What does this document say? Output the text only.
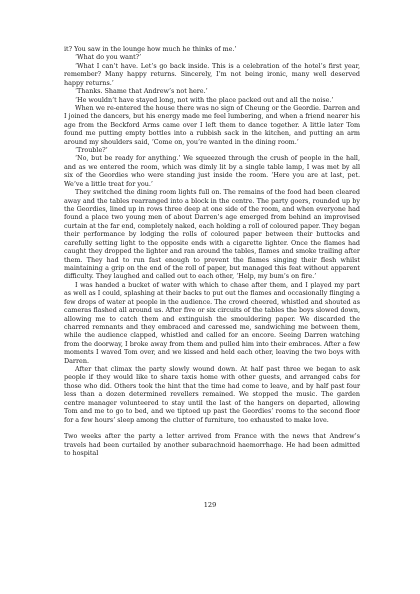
it? You saw in the lounge how much he thinks of me.’

‘What do you want?’

‘What I can’t have. Let’s go back inside. This is a celebration of the hotel’s first year, remember? Many happy returns. Sincerely, I’m not being ironic, many well deserved happy returns.’

‘Thanks. Shame that Andrew’s not here.’

‘He wouldn’t have stayed long, not with the place packed out and all the noise.’

When we re-entered the house there was no sign of Cheung or the Geordie. Darren and I joined the dancers, but his energy made me feel lumbering, and when a friend nearer his age from the Beckford Arms came over I left them to dance together. A little later Tom found me putting empty bottles into a rubbish sack in the kitchen, and putting an arm around my shoulders said, ‘Come on, you’re wanted in the dining room.’

‘Trouble?’

‘No, but be ready for anything.’ We squeezed through the crush of people in the hall, and as we entered the room, which was dimly lit by a single table lamp, I was met by all six of the Geordies who were standing just inside the room. ‘Here you are at last, pet. We’ve a little treat for you.’

They switched the dining room lights full on. The remains of the food had been cleared away and the tables rearranged into a block in the centre. The party goers, rounded up by the Geordies, lined up in rows three deep at one side of the room, and when everyone had found a place two young men of about Darren’s age emerged from behind an improvised curtain at the far end, completely naked, each holding a roll of coloured paper. They began their performance by lodging the rolls of coloured paper between their buttocks and carefully setting light to the opposite ends with a cigarette lighter. Once the flames had caught they dropped the lighter and ran around the tables, flames and smoke trailing after them. They had to run fast enough to prevent the flames singing their flesh whilst maintaining a grip on the end of the roll of paper, but managed this feat without apparent difficulty. They laughed and called out to each other, ‘Help, my bum’s on fire.’

I was handed a bucket of water with which to chase after them, and I played my part as well as I could, splashing at their backs to put out the flames and occasionally flinging a few drops of water at people in the audience. The crowd cheered, whistled and shouted as cameras flashed all around us. After five or six circuits of the tables the boys slowed down, allowing me to catch them and extinguish the smouldering paper. We discarded the charred remnants and they embraced and caressed me, sandwiching me between them, while the audience clapped, whistled and called for an encore. Seeing Darren watching from the doorway, I broke away from them and pulled him into their embraces. After a few moments I waved Tom over, and we kissed and held each other, leaving the two boys with Darren.

After that climax the party slowly wound down. At half past three we began to ask people if they would like to share taxis home with other guests, and arranged cabs for those who did. Others took the hint that the time had come to leave, and by half past four less than a dozen determined revellers remained. We stopped the music. The garden centre manager volunteered to stay until the last of the hangers on departed, allowing Tom and me to go to bed, and we tiptoed up past the Geordies’ rooms to the second floor for a few hours’ sleep among the clutter of furniture, too exhausted to make love.

Two weeks after the party a letter arrived from France with the news that Andrew’s travels had been curtailed by another subarachnoid haemorrhage. He had been admitted to hospital

129
